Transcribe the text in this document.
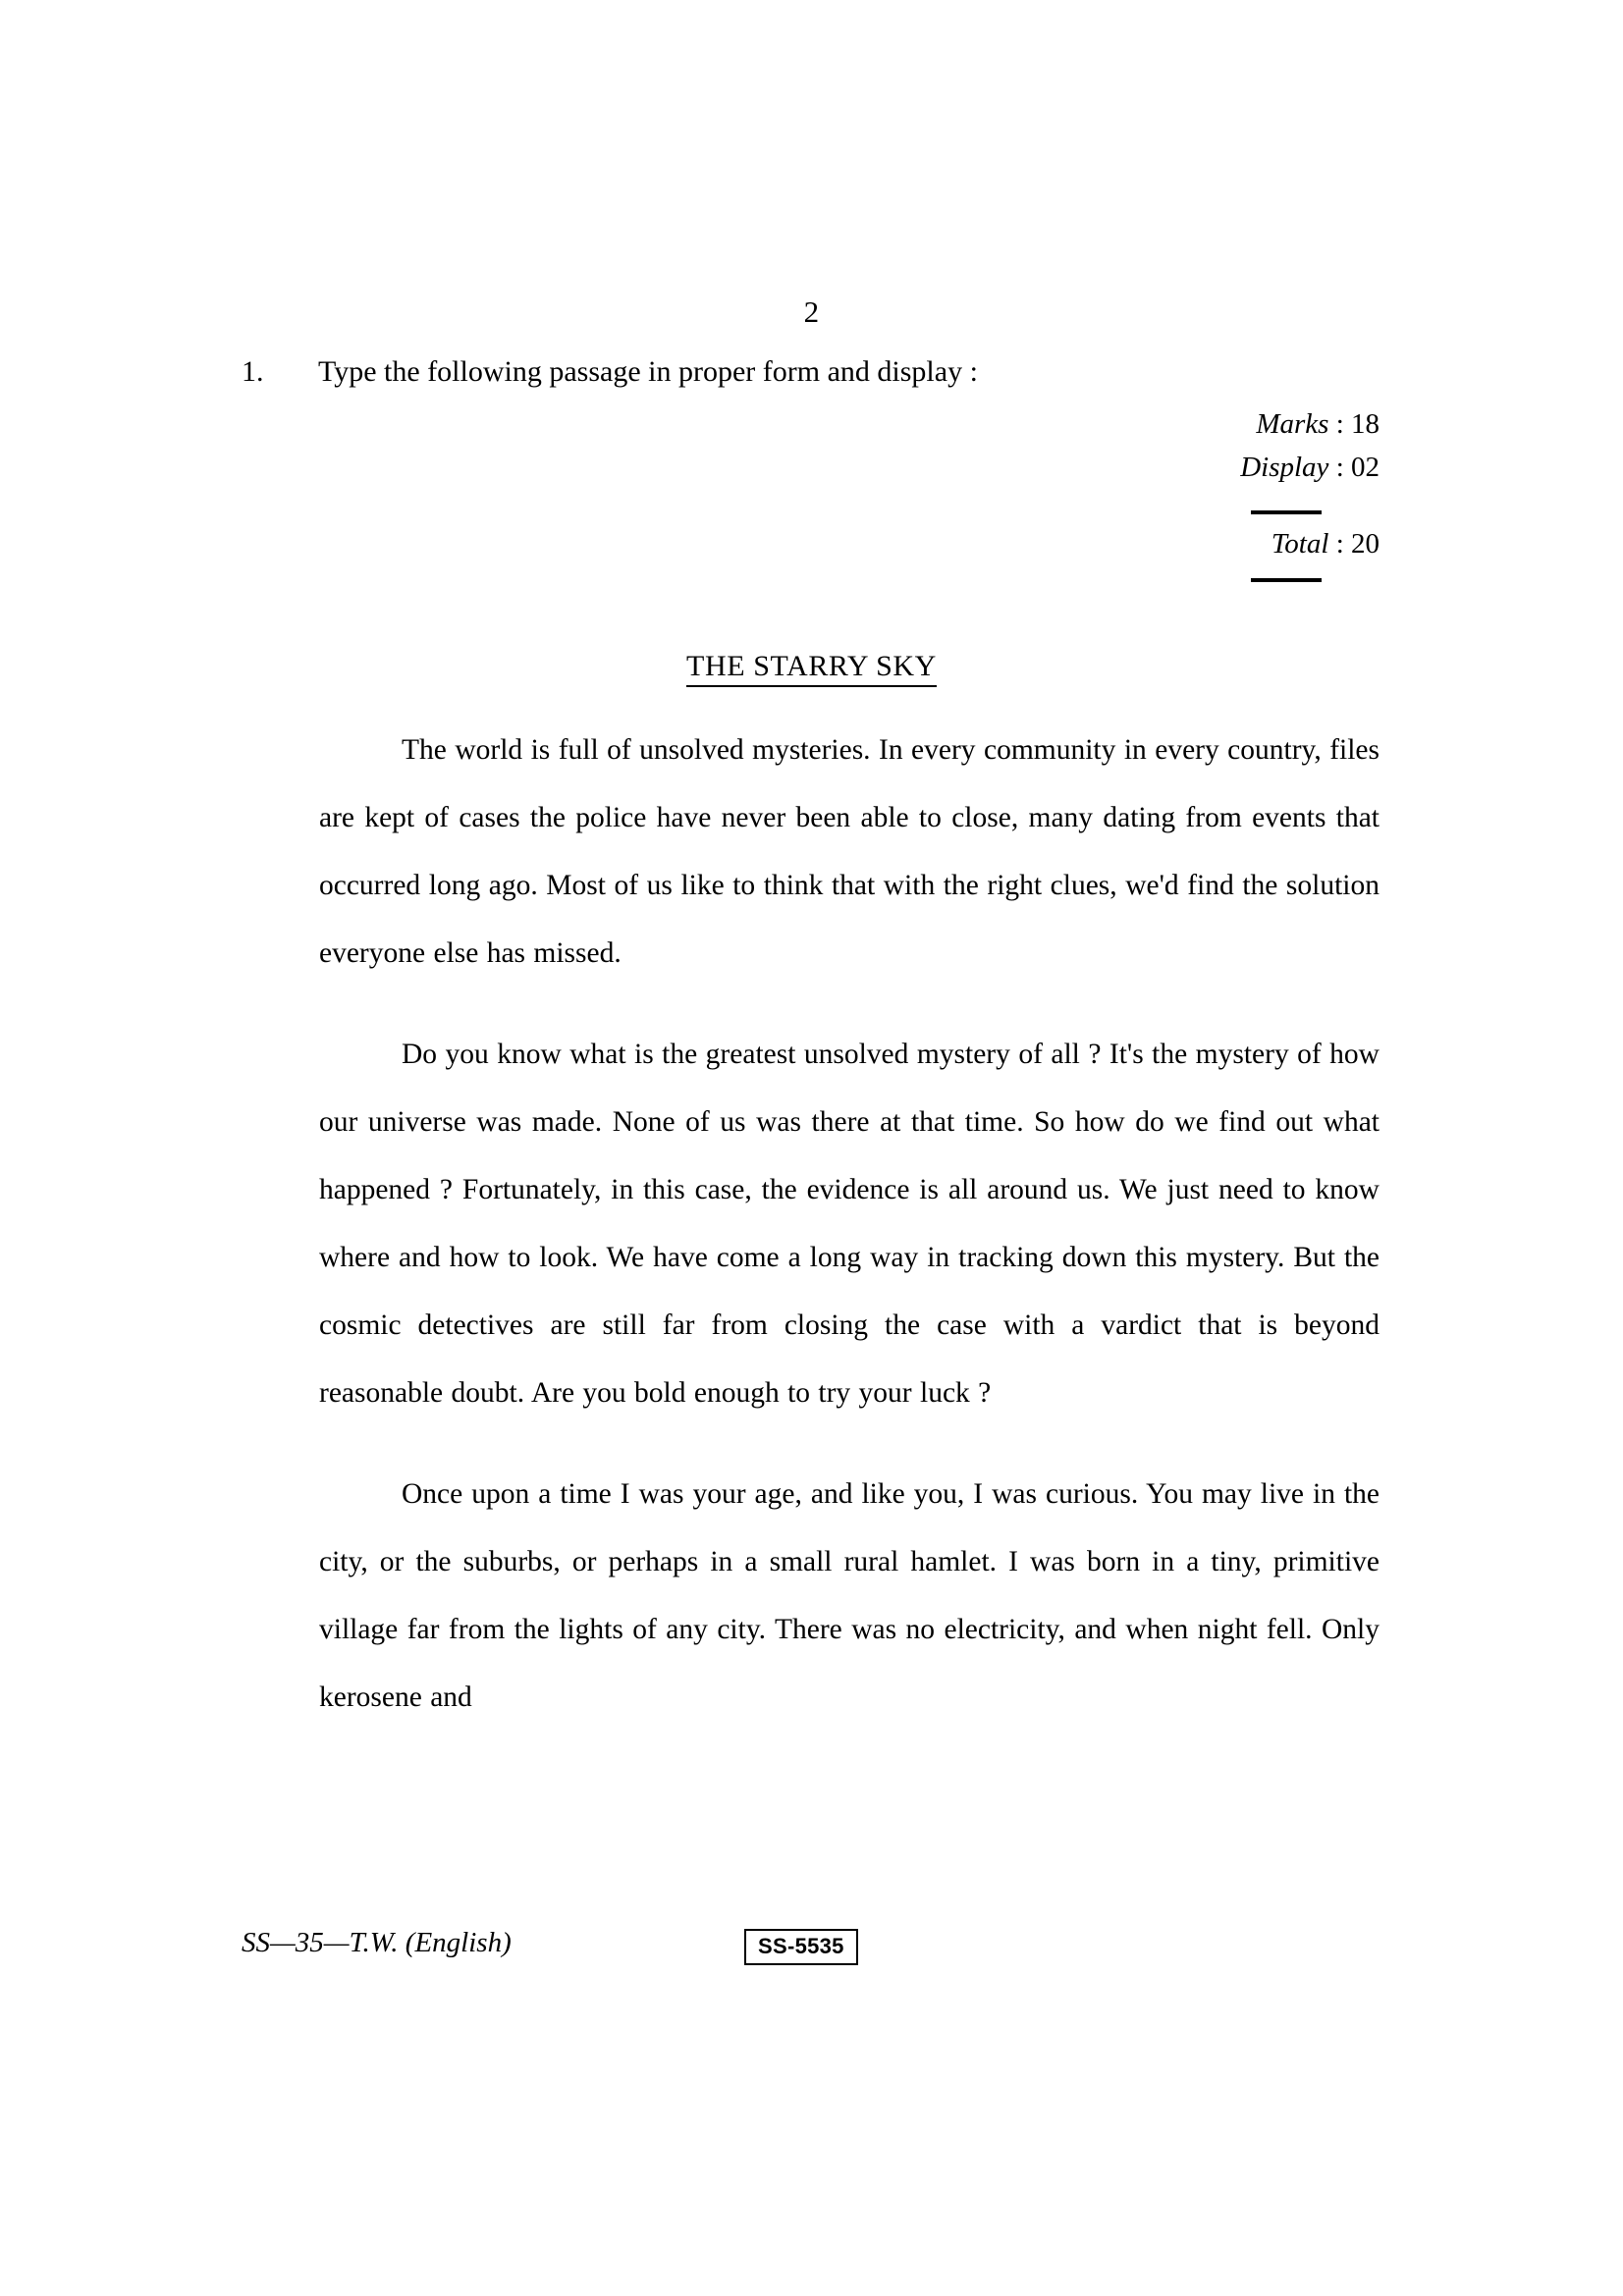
2
1.	Type the following passage in proper form and display :
Marks : 18
Display : 02
Total : 20
THE STARRY SKY

The world is full of unsolved mysteries. In every community in every country, files are kept of cases the police have never been able to close, many dating from events that occurred long ago. Most of us like to think that with the right clues, we'd find the solution everyone else has missed.

Do you know what is the greatest unsolved mystery of all ? It's the mystery of how our universe was made. None of us was there at that time. So how do we find out what happened ? Fortunately, in this case, the evidence is all around us. We just need to know where and how to look. We have come a long way in tracking down this mystery. But the cosmic detectives are still far from closing the case with a vardict that is beyond reasonable doubt. Are you bold enough to try your luck ?

Once upon a time I was your age, and like you, I was curious. You may live in the city, or the suburbs, or perhaps in a small rural hamlet. I was born in a tiny, primitive village far from the lights of any city. There was no electricity, and when night fell. Only kerosene and

SS—35—T.W. (English)	SS-5535
